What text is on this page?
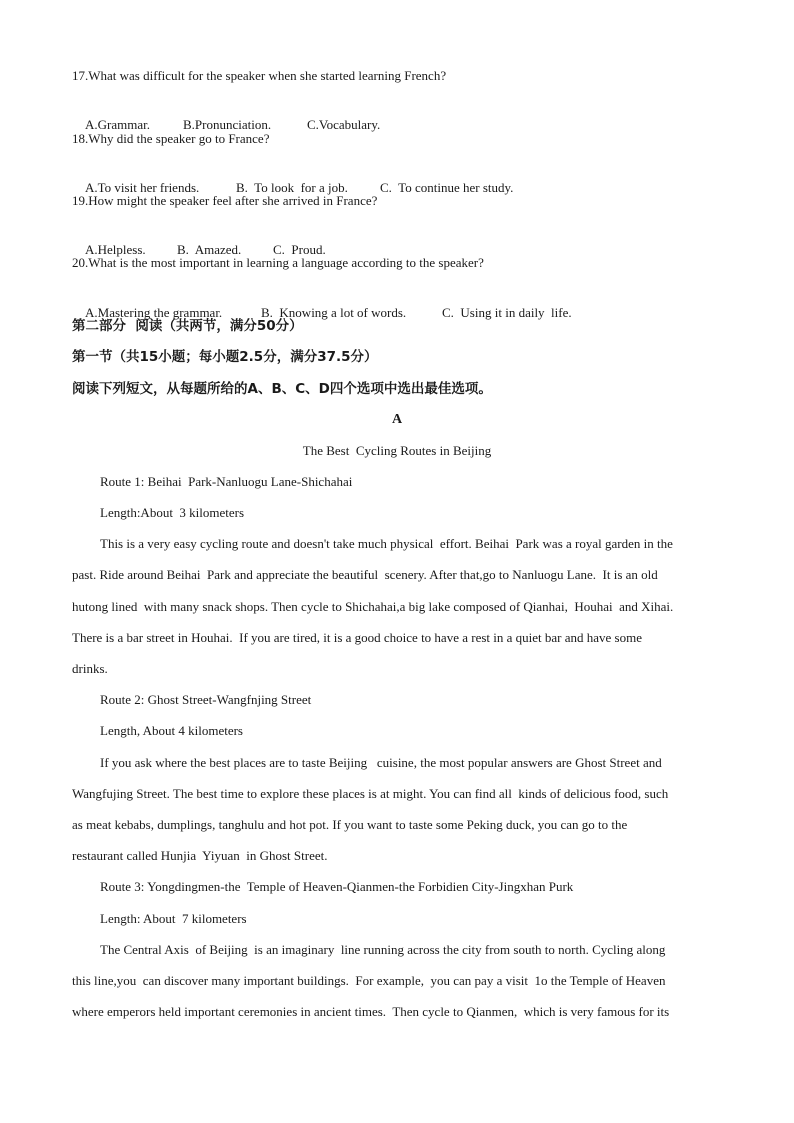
17.What was difficult for the speaker when she started learning French?

A.Grammar.	B.Pronunciation.	C.Vocabulary.

18.Why did the speaker go to France?

A.To visit her friends.	B.  To look  for a job. C.  To continue her study.

19.How might the speaker feel after she arrived in France?

A.Helpless. B.  Amazed. C.  Proud.

20.What is the most important in learning a language according to the speaker?

A.Mastering the grammar.	B.  Knowing a lot of words.	C.  Using it in daily  life.

第二部分  阅读（共两节，满分50分）
第一节（共15小题；每小题2.5分，满分37.5分）
阅读下列短文，从每题所给的A、B、C、D四个选项中选出最佳选项。
A
The Best  Cycling Routes in Beijing
Route 1: Beihai  Park-Nanluogu Lane-Shichahai
Length:About  3 kilometers
This is a very easy cycling route and doesn't take much physical  effort. Beihai  Park was a royal garden in the
past. Ride around Beihai  Park and appreciate the beautiful  scenery. After that,go to Nanluogu Lane.  It is an old
hutong lined  with many snack shops. Then cycle to Shichahai,a big lake composed of Qianhai,  Houhai  and Xihai.
There is a bar street in Houhai.  If you are tired, it is a good choice to have a rest in a quiet bar and have some
drinks.
Route 2: Ghost Street-Wangfnjing Street
Length, About 4 kilometers
If you ask where the best places are to taste Beijing   cuisine, the most popular answers are Ghost Street and
Wangfujing Street. The best time to explore these places is at might. You can find all  kinds of delicious food, such
as meat kebabs, dumplings, tanghulu and hot pot. If you want to taste some Peking duck, you can go to the
restaurant called Hunjia  Yiyuan  in Ghost Street.
Route 3: Yongdingmen-the  Temple of Heaven-Qianmen-the Forbidien City-Jingxhan Purk
Length: About  7 kilometers
The Central Axis  of Beijing  is an imaginary  line running across the city from south to north. Cycling along
this line,you  can discover many important buildings.  For example,  you can pay a visit  1o the Temple of Heaven
where emperors held important ceremonies in ancient times.  Then cycle to Qianmen,  which is very famous for its
